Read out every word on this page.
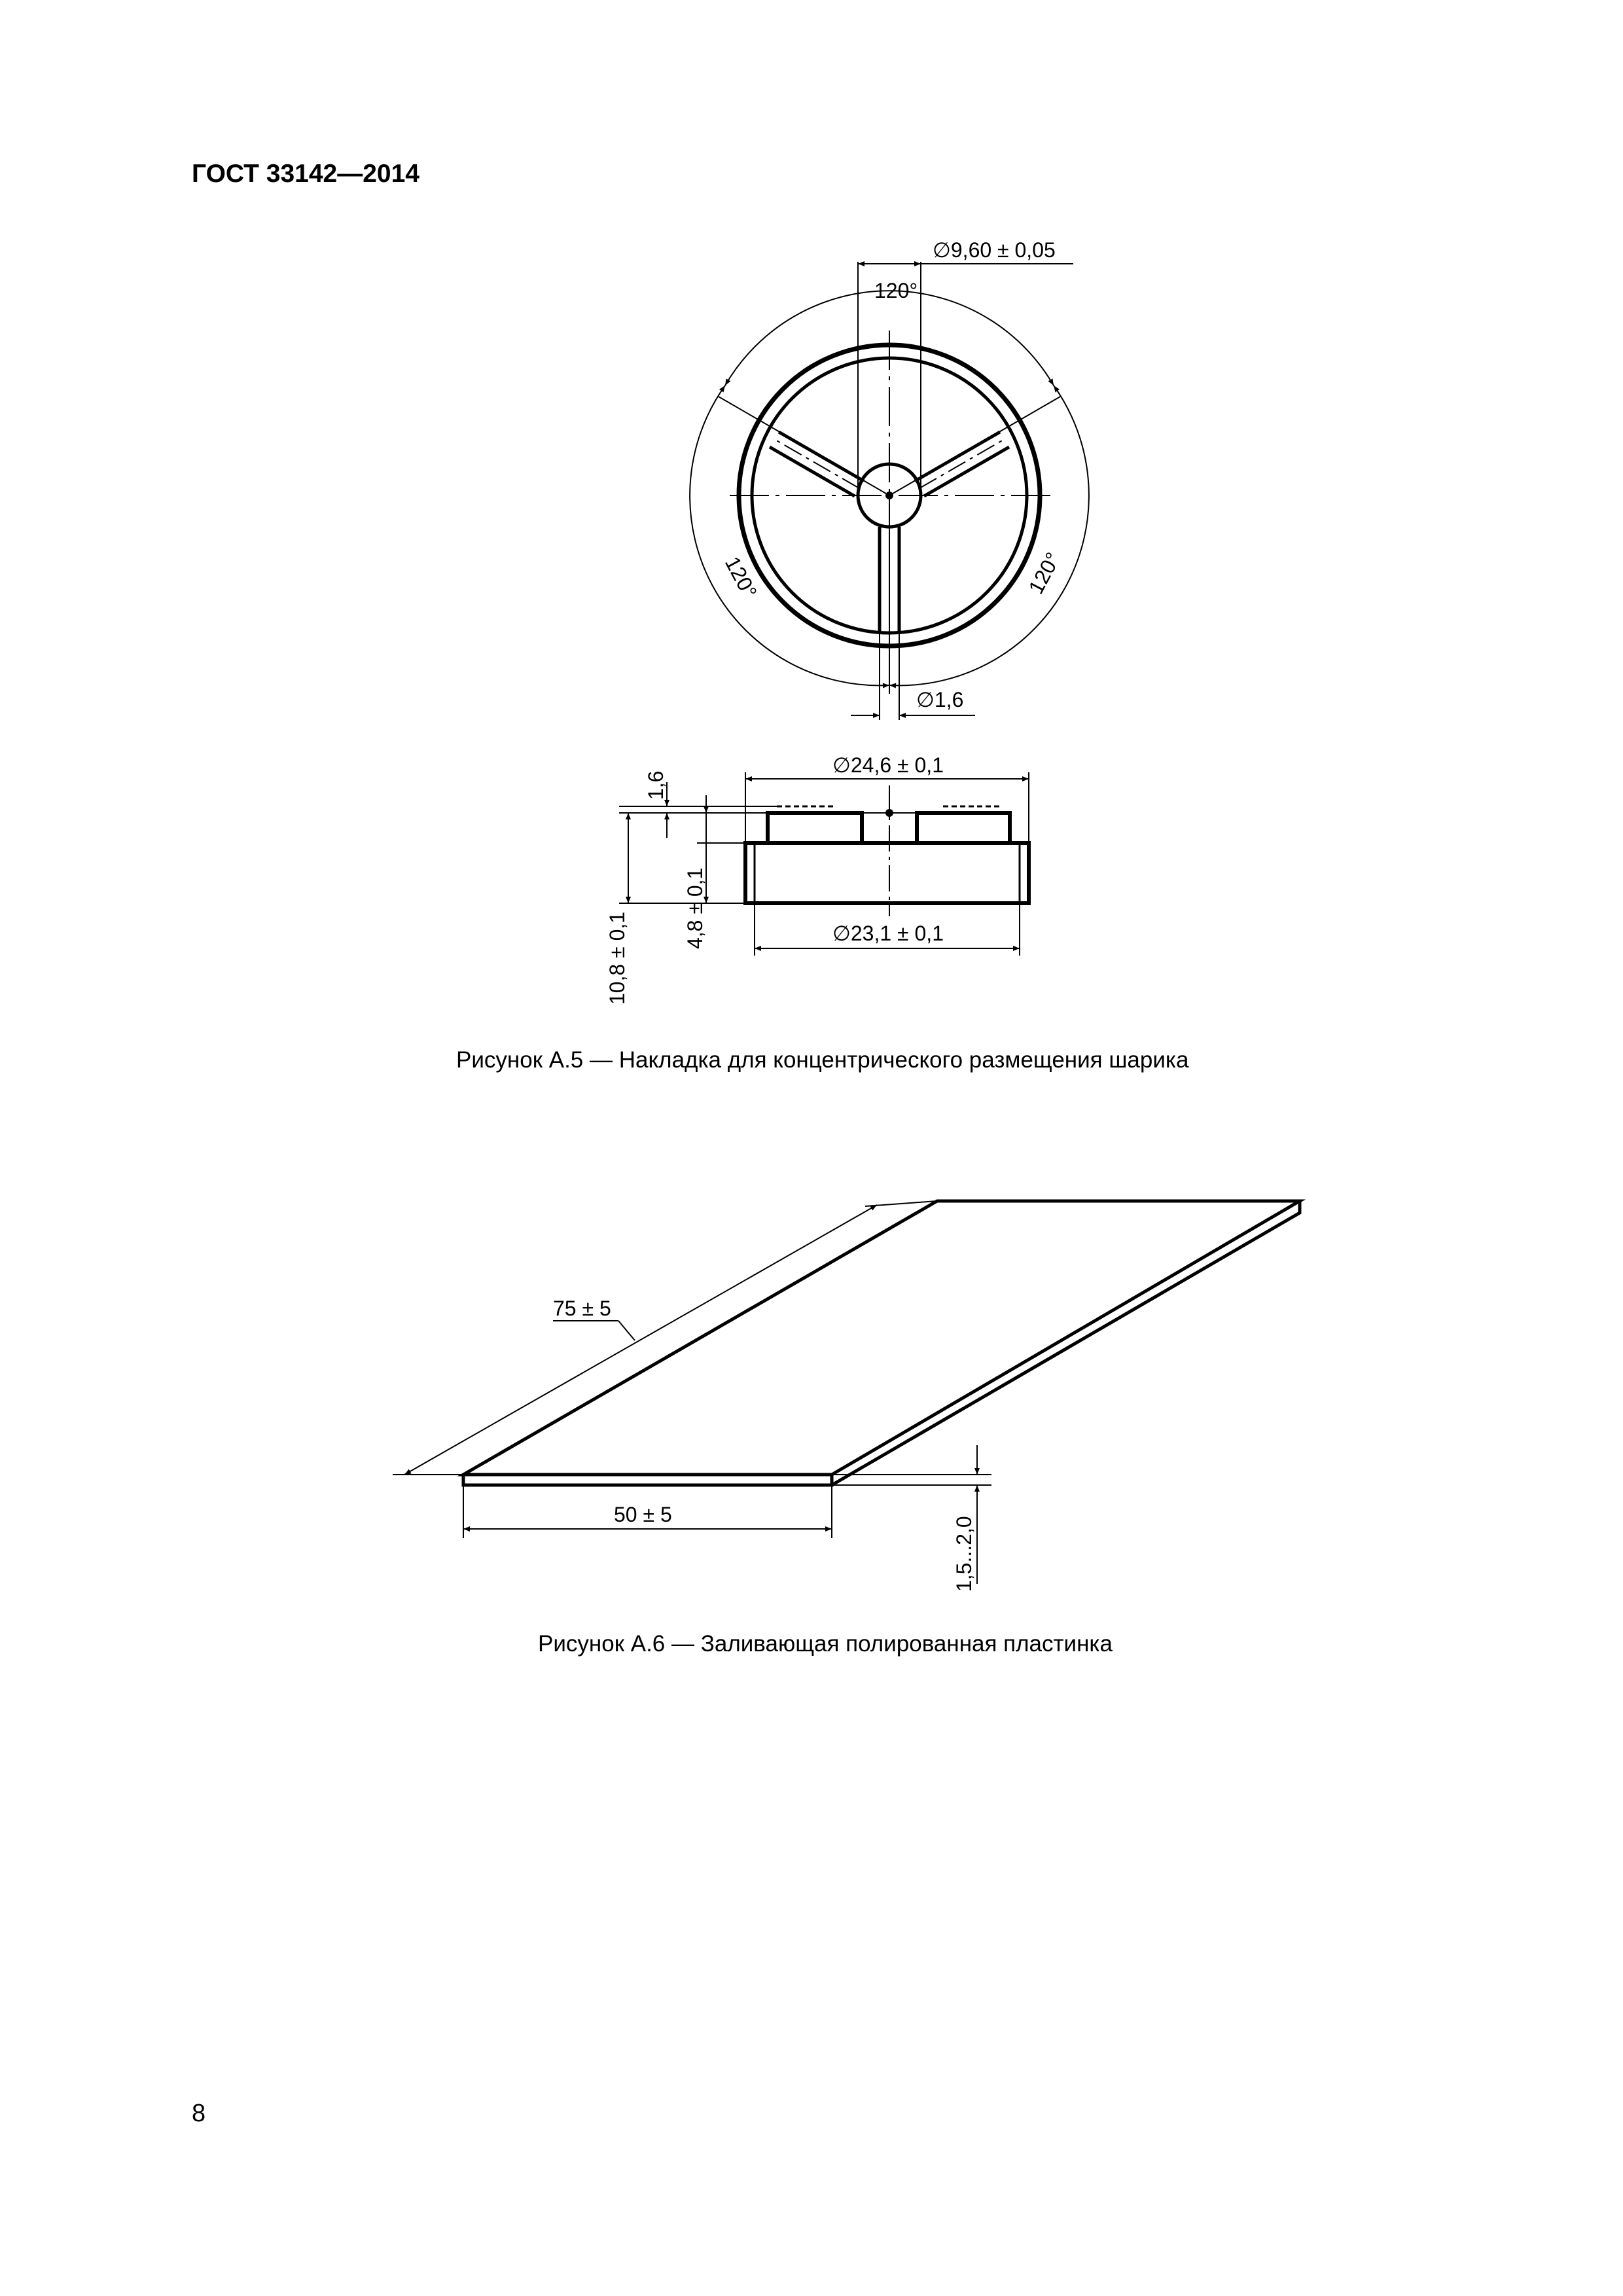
ГОСТ 33142—2014
∅9,60 ± 0,05
120°
120°	120°
∅1,6
∅24,6 ± 0,1
∅23,1 ± 0,1
1,6
4,8 ± 0,1
10,8 ± 0,1
75 ± 5
50 ± 5
1,5...2,0
Рисунок А.5 — Накладка для концентрического размещения шарика
Рисунок А.6 — Заливающая полированная пластинка
8
